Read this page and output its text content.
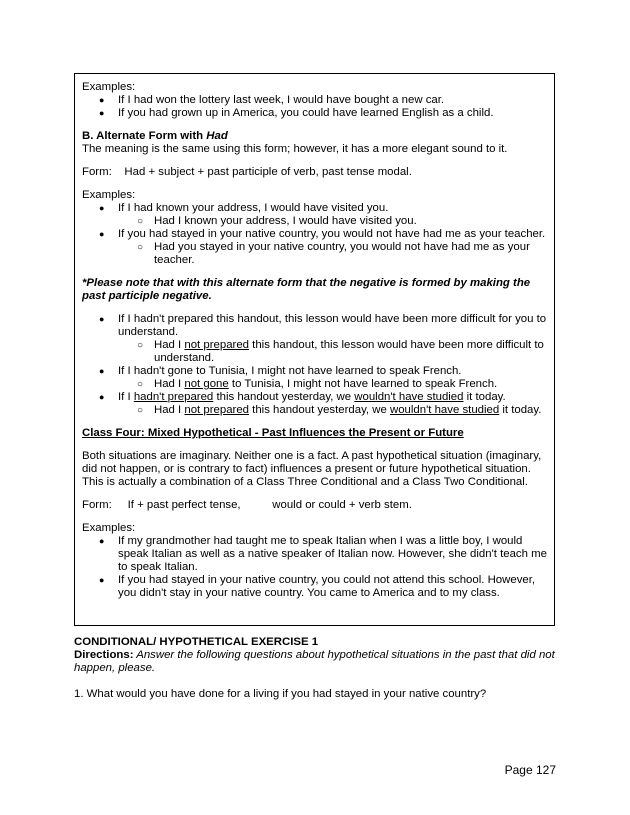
Examples:

● If I had won the lottery last week, I would have bought a new car.
● If you had grown up in America, you could have learned English as a child.

B. Alternate Form with Had

The meaning is the same using this form; however, it has a more elegant sound to it.

Form: Had + subject + past participle of verb, past tense modal.

Examples:

● If I had known your address, I would have visited you.
○ Had I known your address, I would have visited you.
● If you had stayed in your native country, you would not have had me as your teacher.
○ Had you stayed in your native country, you would not have had me as your teacher.

*Please note that with this alternate form that the negative is formed by making the past participle negative.

● If I hadn't prepared this handout, this lesson would have been more difficult for you to understand.
○ Had I not prepared this handout, this lesson would have been more difficult to understand.
● If I hadn't gone to Tunisia, I might not have learned to speak French.
○ Had I not gone to Tunisia, I might not have learned to speak French.
● If I hadn't prepared this handout yesterday, we wouldn't have studied it today.
○ Had I not prepared this handout yesterday, we wouldn't have studied it today.

Class Four: Mixed Hypothetical - Past Influences the Present or Future

Both situations are imaginary. Neither one is a fact. A past hypothetical situation (imaginary, did not happen, or is contrary to fact) influences a present or future hypothetical situation. This is actually a combination of a Class Three Conditional and a Class Two Conditional.

Form: If + past perfect tense,	would or could + verb stem.

Examples:

● If my grandmother had taught me to speak Italian when I was a little boy, I would speak Italian as well as a native speaker of Italian now. However, she didn't teach me to speak Italian.
● If you had stayed in your native country, you could not attend this school. However, you didn't stay in your native country. You came to America and to my class.

CONDITIONAL/ HYPOTHETICAL EXERCISE 1

Directions: Answer the following questions about hypothetical situations in the past that did not happen, please.

1. What would you have done for a living if you had stayed in your native country?

Page 127
